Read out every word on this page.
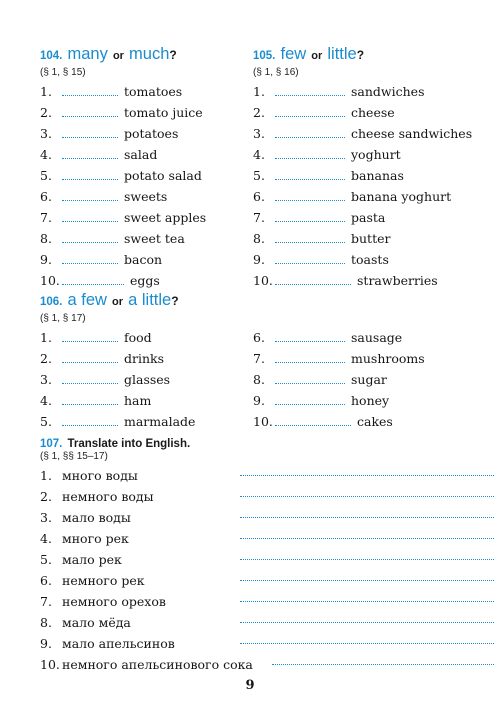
104. many or much?
(§ 1, § 15)
1.	tomatoes
2.	tomato juice
3.	potatoes
4.	salad
5.	potato salad
6.	sweets
7.	sweet apples
8.	sweet tea
9.	bacon
10.	eggs
105. few or little?
(§ 1, § 16)
1.	sandwiches
2.	cheese
3.	cheese sandwiches
4.	yoghurt
5.	bananas
6.	banana yoghurt
7.	pasta
8.	butter
9.	toasts
10.	strawberries
106. a few or a little?
(§ 1, § 17)
1.	food
2.	drinks
3.	glasses
4.	ham
5.	marmalade
6.	sausage
7.	mushrooms
8.	sugar
9.	honey
10.	cakes
107. Translate into English.
(§ 1, §§ 15–17)
1. много воды
2. немного воды
3. мало воды
4. много рек
5. мало рек
6. немного рек
7. немного орехов
8. мало мёда
9. мало апельсинов
10. немного апельсинового сока
9
